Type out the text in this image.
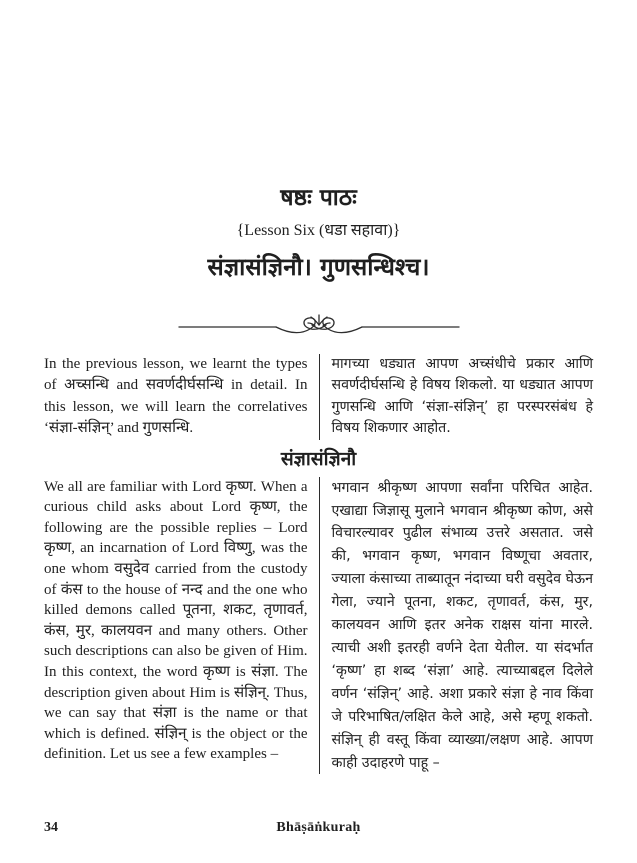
षष्ठः पाठः
{Lesson Six (धडा सहावा)}
संज्ञासंज्ञिनौ। गुणसन्धिश्च।
In the previous lesson, we learnt the types of अच्सन्धि and सवर्णदीर्घसन्धि in detail. In this lesson, we will learn the correlatives ‘संज्ञा-संज्ञिन्’ and गुणसन्धि.
मागच्या धड्यात आपण अच्संधीचे प्रकार आणि सवर्णदीर्घसन्धि हे विषय शिकलो. या धड्यात आपण गुणसन्धि आणि ‘संज्ञा-संज्ञिन्’ हा परस्परसंबंध हे विषय शिकणार आहोत.
संज्ञासंज्ञिनौ
We all are familiar with Lord कृष्ण. When a curious child asks about Lord कृष्ण, the following are the possible replies – Lord कृष्ण, an incarnation of Lord विष्णु, was the one whom वसुदेव carried from the custody of कंस to the house of नन्द and the one who killed demons called पूतना, शकट, तृणावर्त, कंस, मुर, कालयवन and many others. Other such descriptions can also be given of Him. In this context, the word कृष्ण is संज्ञा. The description given about Him is संज्ञिन्. Thus, we can say that संज्ञा is the name or that which is defined. संज्ञिन् is the object or the definition. Let us see a few examples –
भगवान श्रीकृष्ण आपणा सर्वांना परिचित आहेत. एखाद्या जिज्ञासू मुलाने भगवान श्रीकृष्ण कोण, असे विचारल्यावर पुढील संभाव्य उत्तरे असतात. जसे की, भगवान कृष्ण, भगवान विष्णूचा अवतार, ज्याला कंसाच्या ताब्यातून नंदाच्या घरी वसुदेव घेऊन गेला, ज्याने पूतना, शकट, तृणावर्त, कंस, मुर, कालयवन आणि इतर अनेक राक्षस यांना मारले. त्याची अशी इतरही वर्णने देता येतील. या संदर्भात ‘कृष्ण’ हा शब्द ‘संज्ञा’ आहे. त्याच्याबद्दल दिलेले वर्णन ‘संज्ञिन्’ आहे. अशा प्रकारे संज्ञा हे नाव किंवा जे परिभाषित/लक्षित केले आहे, असे म्हणू शकतो. संज्ञिन् ही वस्तू किंवा व्याख्या/लक्षण आहे. आपण काही उदाहरणे पाहू –
34	Bhāṣāṅkuraḥ
